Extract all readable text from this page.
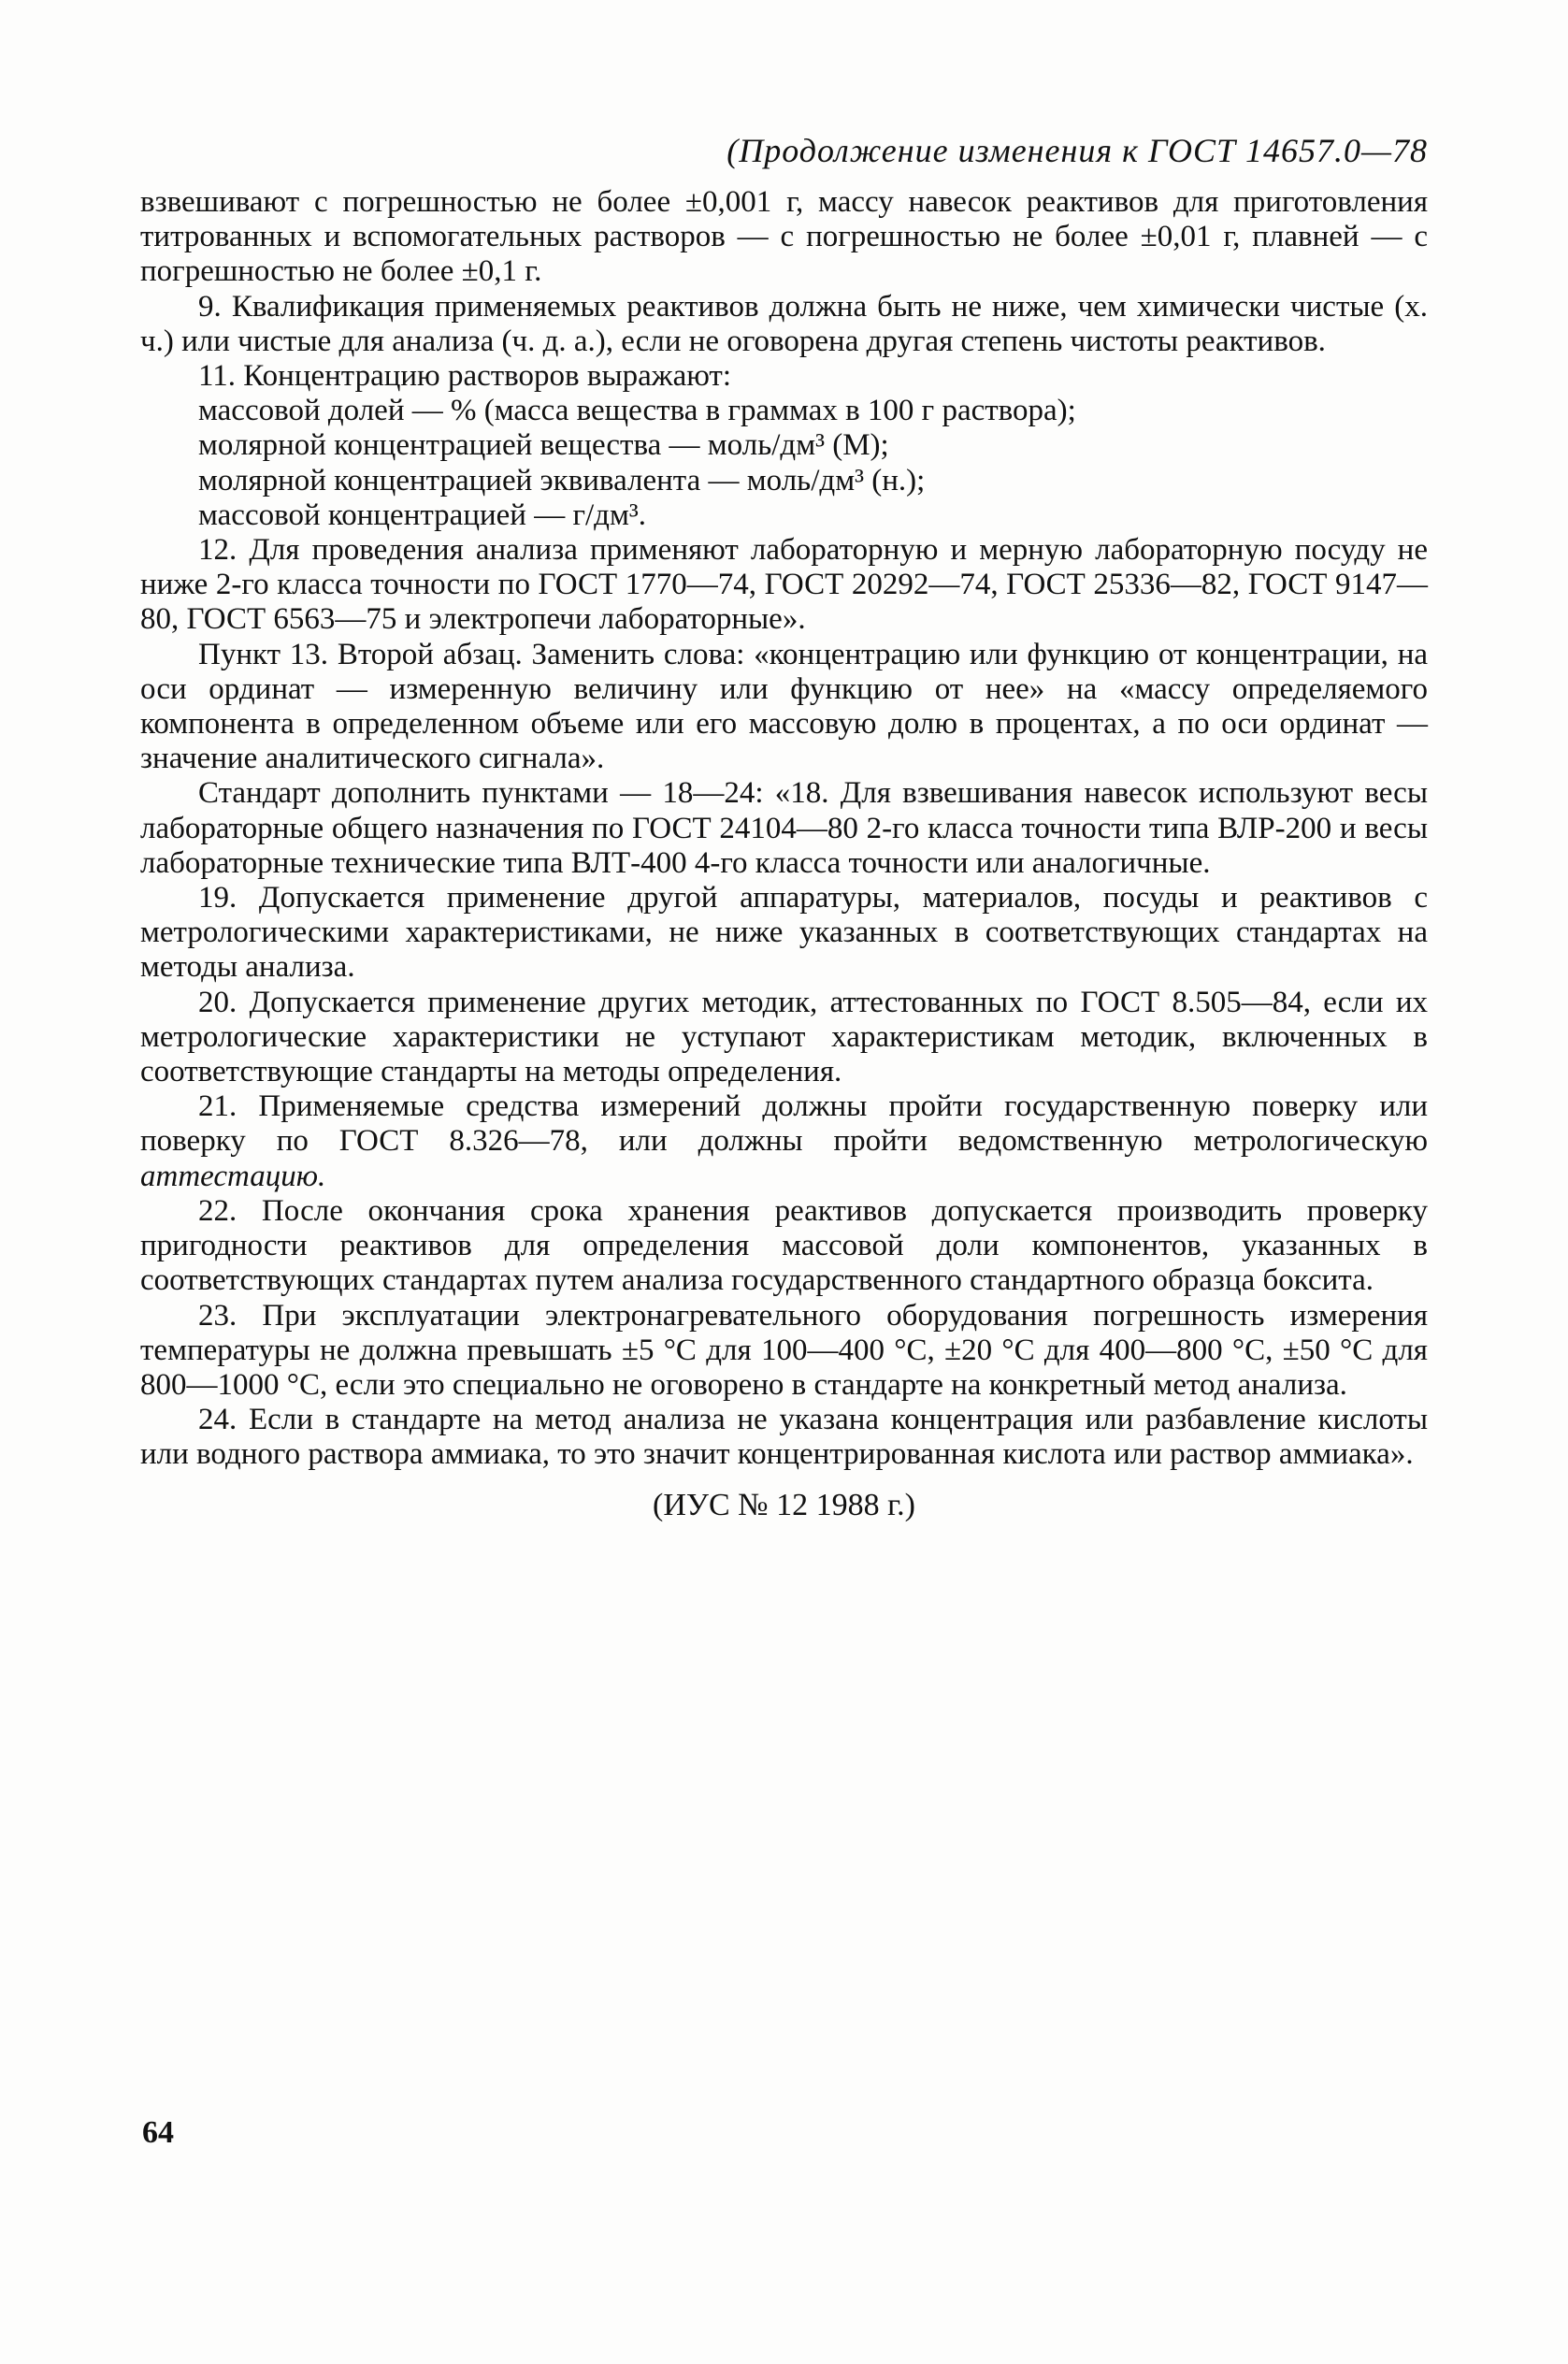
(Продолжение изменения к ГОСТ 14657.0—78

взвешивают с погрешностью не более ±0,001 г, массу навесок реактивов для приготовления титрованных и вспомогательных растворов — с погрешностью не более ±0,01 г, плавней — с погрешностью не более ±0,1 г.

9. Квалификация применяемых реактивов должна быть не ниже, чем химически чистые (х. ч.) или чистые для анализа (ч. д. а.), если не оговорена другая степень чистоты реактивов.

11. Концентрацию растворов выражают:

массовой долей — % (масса вещества в граммах в 100 г раствора);
молярной концентрацией вещества — моль/дм³ (М);
молярной концентрацией эквивалента — моль/дм³ (н.);
массовой концентрацией — г/дм³.

12. Для проведения анализа применяют лабораторную и мерную лабораторную посуду не ниже 2-го класса точности по ГОСТ 1770—74, ГОСТ 20292—74, ГОСТ 25336—82, ГОСТ 9147—80, ГОСТ 6563—75 и электропечи лабораторные».

Пункт 13. Второй абзац. Заменить слова: «концентрацию или функцию от концентрации, на оси ординат — измеренную величину или функцию от нее» на «массу определяемого компонента в определенном объеме или его массовую долю в процентах, а по оси ординат — значение аналитического сигнала».

Стандарт дополнить пунктами — 18—24: «18. Для взвешивания навесок используют весы лабораторные общего назначения по ГОСТ 24104—80 2-го класса точности типа ВЛР-200 и весы лабораторные технические типа ВЛТ-400 4-го класса точности или аналогичные.

19. Допускается применение другой аппаратуры, материалов, посуды и реактивов с метрологическими характеристиками, не ниже указанных в соответствующих стандартах на методы анализа.

20. Допускается применение других методик, аттестованных по ГОСТ 8.505—84, если их метрологические характеристики не уступают характеристикам методик, включенных в соответствующие стандарты на методы определения.

21. Применяемые средства измерений должны пройти государственную поверку или поверку по ГОСТ 8.326—78, или должны пройти ведомственную метрологическую аттестацию.

22. После окончания срока хранения реактивов допускается производить проверку пригодности реактивов для определения массовой доли компонентов, указанных в соответствующих стандартах путем анализа государственного стандартного образца боксита.

23. При эксплуатации электронагревательного оборудования погрешность измерения температуры не должна превышать ±5 °С для 100—400 °С, ±20 °С для 400—800 °С, ±50 °С для 800—1000 °С, если это специально не оговорено в стандарте на конкретный метод анализа.

24. Если в стандарте на метод анализа не указана концентрация или разбавление кислоты или водного раствора аммиака, то это значит концентрированная кислота или раствор аммиака».

(ИУС № 12 1988 г.)

64
